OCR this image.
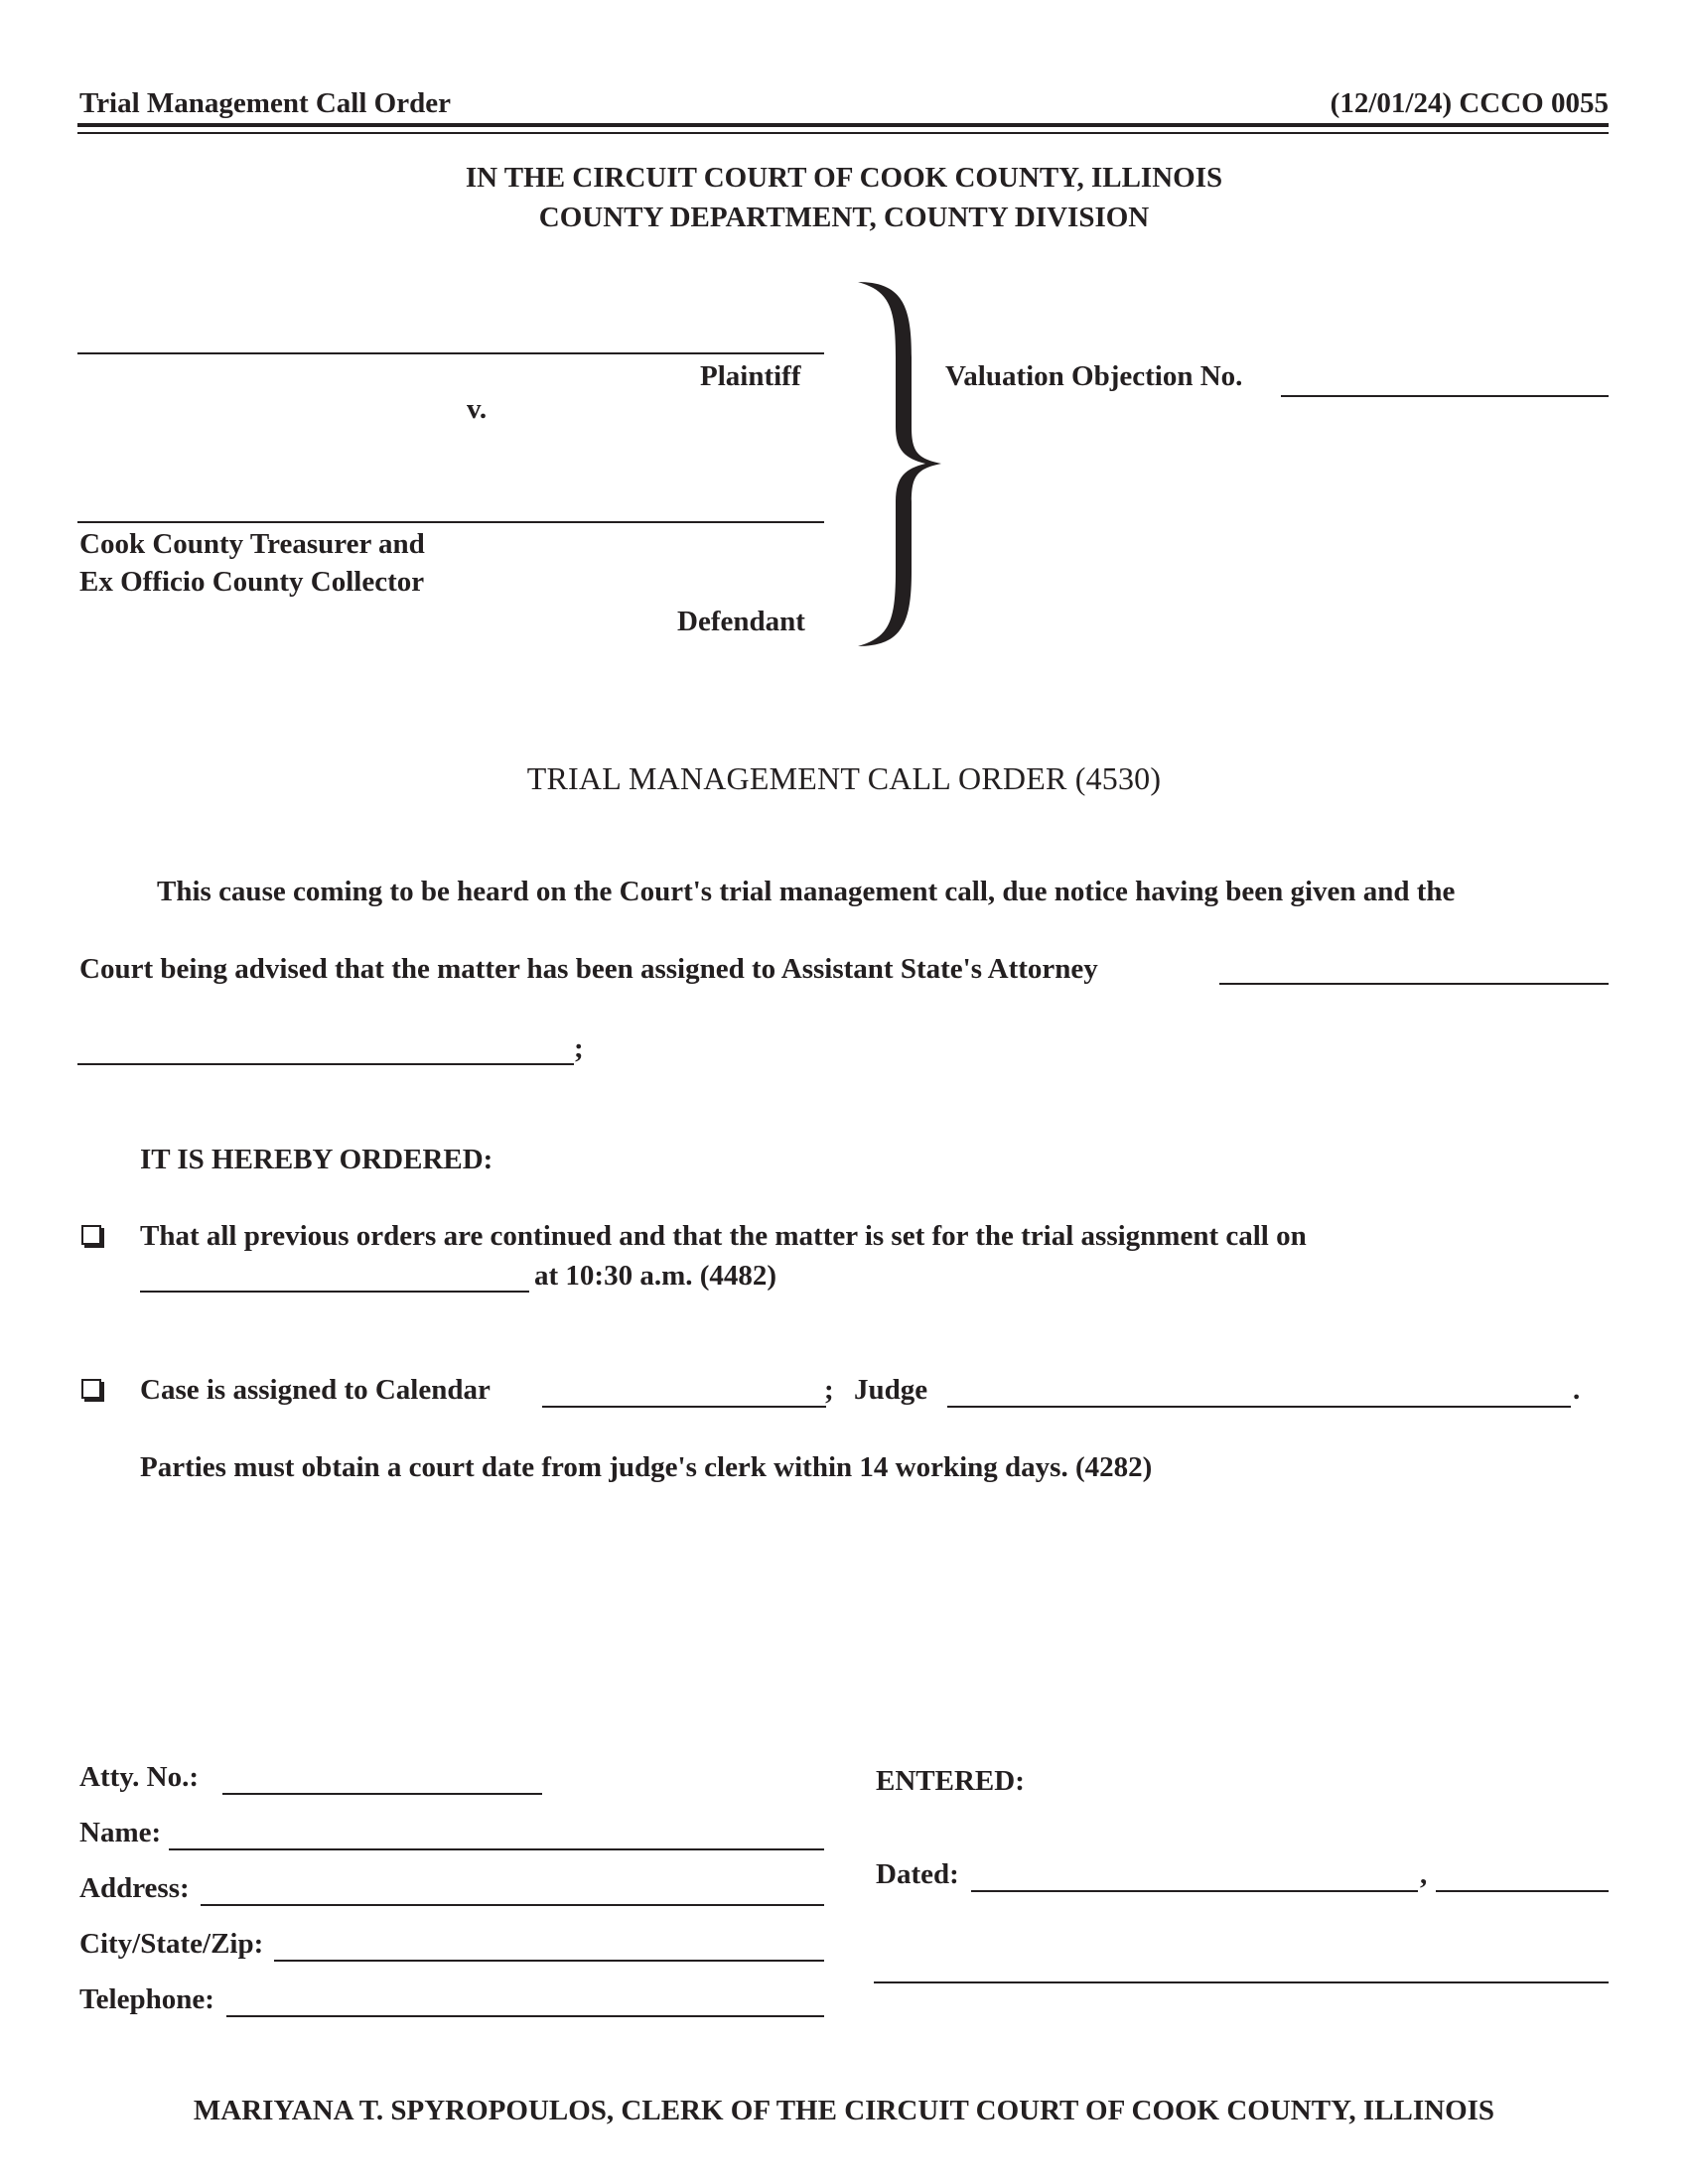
Trial Management Call Order	(12/01/24) CCCO 0055
IN THE CIRCUIT COURT OF COOK COUNTY, ILLINOIS
COUNTY DEPARTMENT, COUNTY DIVISION
Plaintiff
v.
Cook County Treasurer and
Ex Officio County Collector
Defendant
Valuation Objection No.
TRIAL MANAGEMENT CALL ORDER (4530)
This cause coming to be heard on the Court's trial management call, due notice having been given and the
Court being advised that the matter has been assigned to Assistant State's Attorney
;
IT IS HEREBY ORDERED:
That all previous orders are continued and that the matter is set for the trial assignment call on
at 10:30 a.m. (4482)
Case is assigned to Calendar	; Judge	.
Parties must obtain a court date from judge's clerk within 14 working days. (4282)
Atty. No.:
Name:
Address:
City/State/Zip:
Telephone:
ENTERED:
Dated:	,
MARIYANA T. SPYROPOULOS, CLERK OF THE CIRCUIT COURT OF COOK COUNTY, ILLINOIS
